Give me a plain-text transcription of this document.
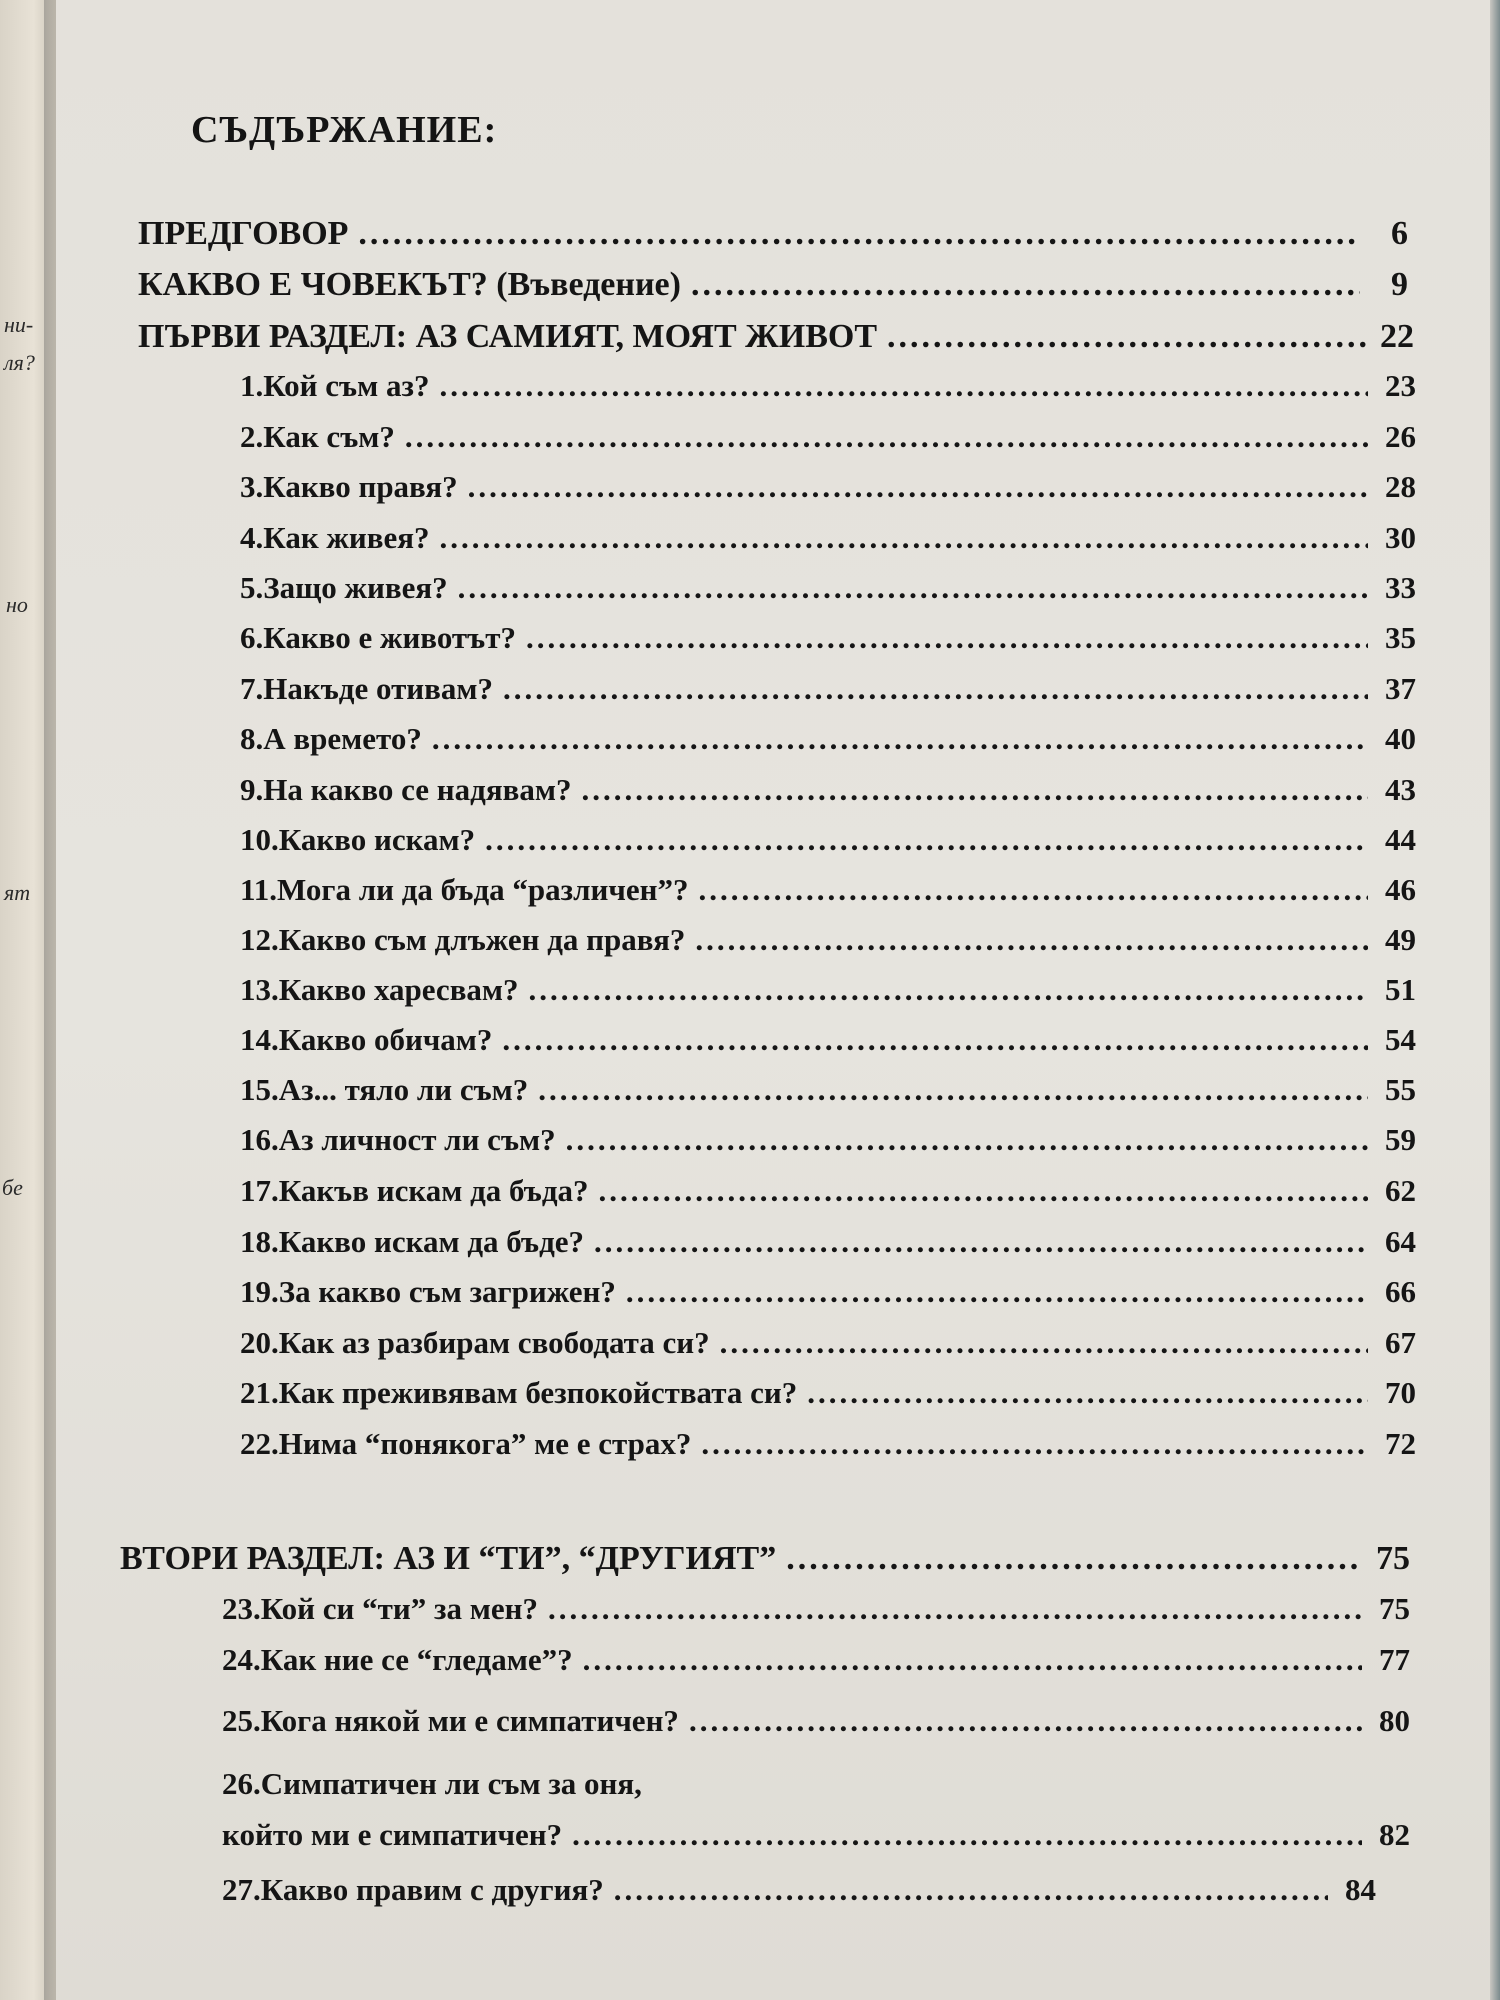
ни-
ля?
но
ят
бе
СЪДЪРЖАНИЕ:
ПРЕДГОВОР .....	6
КАКВО Е ЧОВЕКЪТ? (Въведение) .....	9
ПЪРВИ РАЗДЕЛ: АЗ САМИЯТ, МОЯТ ЖИВОТ .....	22
1.Кой съм аз? .....	23
2.Как съм? .....	26
3.Какво правя? .....	28
4.Как живея? .....	30
5.Защо живея? .....	33
6.Какво е животът? .....	35
7.Накъде отивам? .....	37
8.А времето? .....	40
9.На какво се надявам? .....	43
10.Какво искам? .....	44
11.Мога ли да бъда “различен”? .....	46
12.Какво съм длъжен да правя? .....	49
13.Какво харесвам? .....	51
14.Какво обичам? .....	54
15.Аз... тяло ли съм? .....	55
16.Аз личност ли съм? .....	59
17.Какъв искам да бъда? .....	62
18.Какво искам да бъде? .....	64
19.За какво съм загрижен? .....	66
20.Как аз разбирам свободата си? .....	67
21.Как преживявам безпокойствата си? .....	70
22.Нима “понякога” ме е страх? .....	72
ВТОРИ РАЗДЕЛ: АЗ И “ТИ”, “ДРУГИЯТ” .....	75
23.Кой си “ти” за мен? .....	75
24.Как ние се “гледаме”? .....	77
25.Кога някой ми е симпатичен? .....	80
26.Симпатичен ли съм за оня,
който ми е симпатичен? .....	82
27.Какво правим с другия? .....	84
